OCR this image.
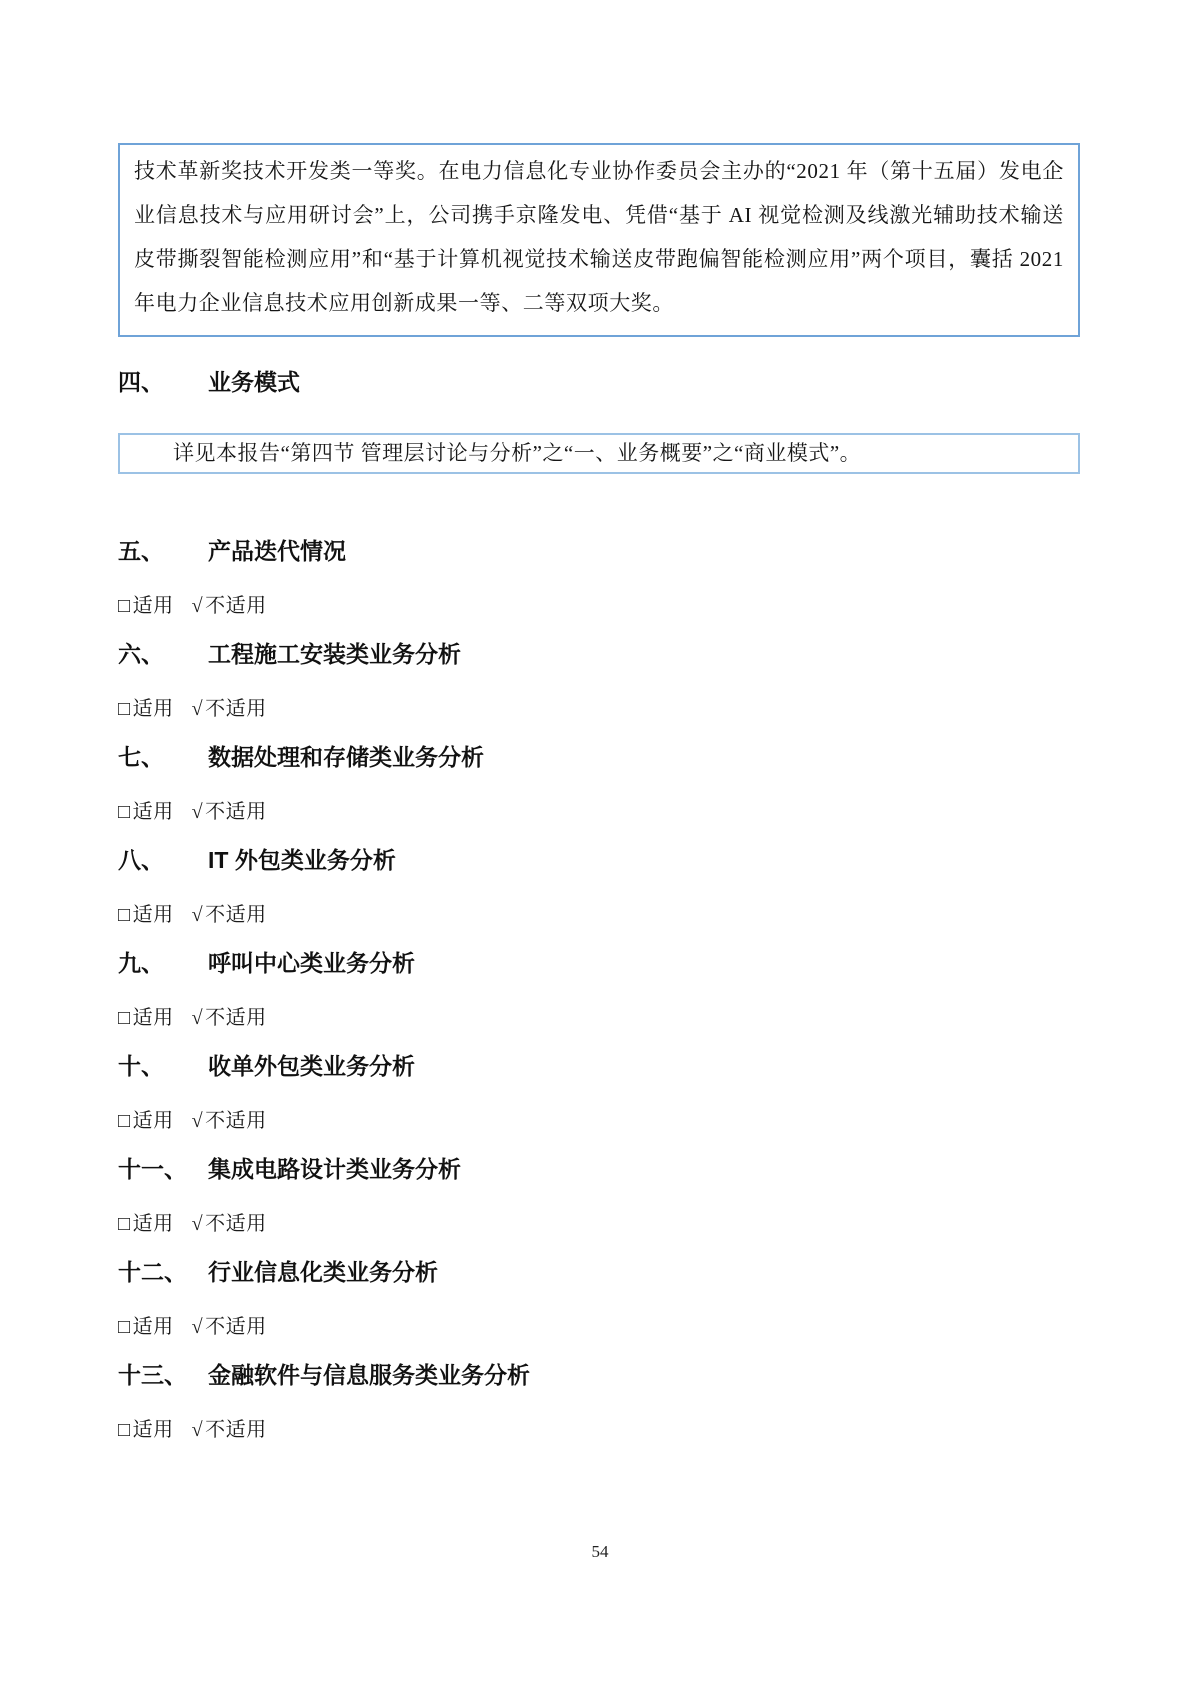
技术革新奖技术开发类一等奖。在电力信息化专业协作委员会主办的“2021 年（第十五届）发电企业信息技术与应用研讨会”上，公司携手京隆发电、凭借“基于 AI 视觉检测及线激光辅助技术输送皮带撕裂智能检测应用”和“基于计算机视觉技术输送皮带跑偏智能检测应用”两个项目，囊括 2021 年电力企业信息技术应用创新成果一等、二等双项大奖。

四、	业务模式

详见本报告“第四节 管理层讨论与分析”之“一、业务概要”之“商业模式”。

五、	产品迭代情况
□ 适用 √ 不适用
六、	工程施工安装类业务分析
□ 适用 √ 不适用
七、	数据处理和存储类业务分析
□ 适用 √ 不适用
八、	IT 外包类业务分析
□ 适用 √ 不适用
九、	呼叫中心类业务分析
□ 适用 √ 不适用
十、	收单外包类业务分析
□ 适用 √ 不适用
十一、 集成电路设计类业务分析
□ 适用 √ 不适用
十二、 行业信息化类业务分析
□ 适用 √ 不适用
十三、 金融软件与信息服务类业务分析
□ 适用 √ 不适用
54
